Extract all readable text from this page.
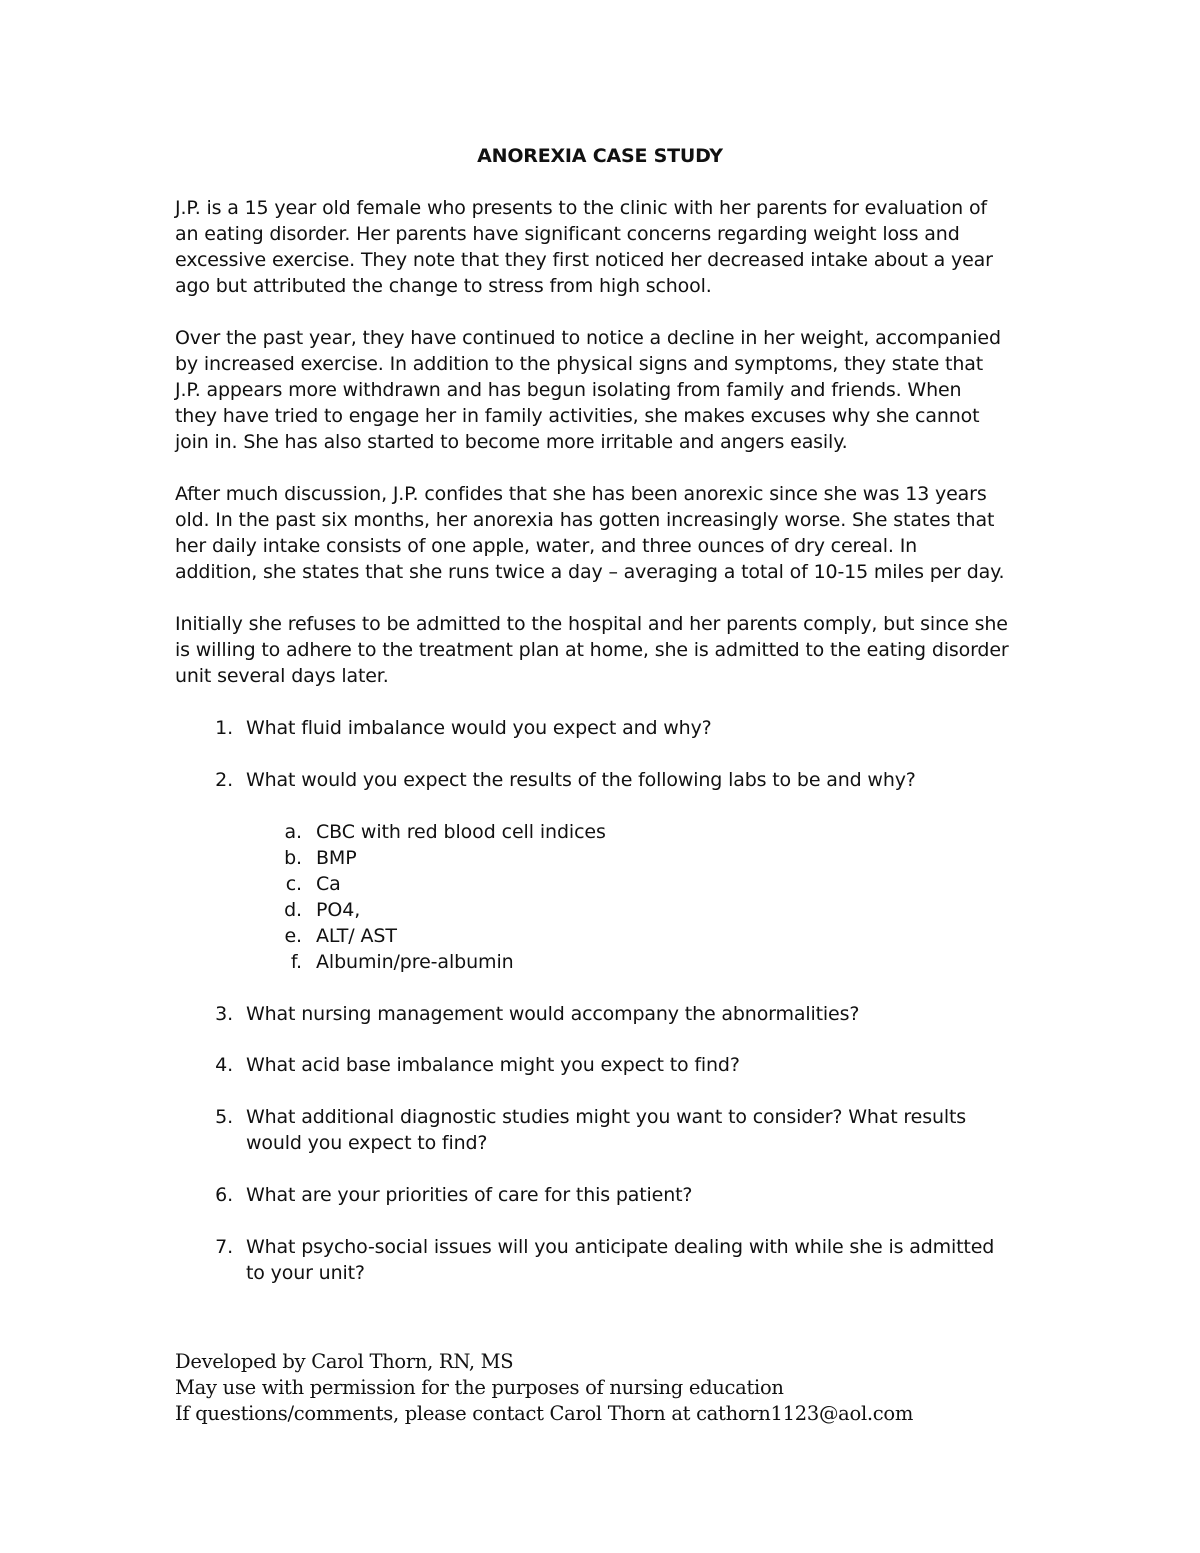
ANOREXIA CASE STUDY

J.P. is a 15 year old female who presents to the clinic with her parents for evaluation of
an eating disorder. Her parents have significant concerns regarding weight loss and
excessive exercise. They note that they first noticed her decreased intake about a year
ago but attributed the change to stress from high school.

Over the past year, they have continued to notice a decline in her weight, accompanied
by increased exercise. In addition to the physical signs and symptoms, they state that
J.P. appears more withdrawn and has begun isolating from family and friends. When
they have tried to engage her in family activities, she makes excuses why she cannot
join in. She has also started to become more irritable and angers easily.

After much discussion, J.P. confides that she has been anorexic since she was 13 years
old. In the past six months, her anorexia has gotten increasingly worse. She states that
her daily intake consists of one apple, water, and three ounces of dry cereal. In
addition, she states that she runs twice a day – averaging a total of 10-15 miles per day.

Initially she refuses to be admitted to the hospital and her parents comply, but since she
is willing to adhere to the treatment plan at home, she is admitted to the eating disorder
unit several days later.

1. What fluid imbalance would you expect and why?
2. What would you expect the results of the following labs to be and why?
a. CBC with red blood cell indices
b. BMP
c. Ca
d. PO4,
e. ALT/ AST
f. Albumin/pre-albumin
3. What nursing management would accompany the abnormalities?
4. What acid base imbalance might you expect to find?
5. What additional diagnostic studies might you want to consider? What results
would you expect to find?
6. What are your priorities of care for this patient?
7. What psycho-social issues will you anticipate dealing with while she is admitted
to your unit?
Developed by Carol Thorn, RN, MS
May use with permission for the purposes of nursing education
If questions/comments, please contact Carol Thorn at cathorn1123@aol.com
